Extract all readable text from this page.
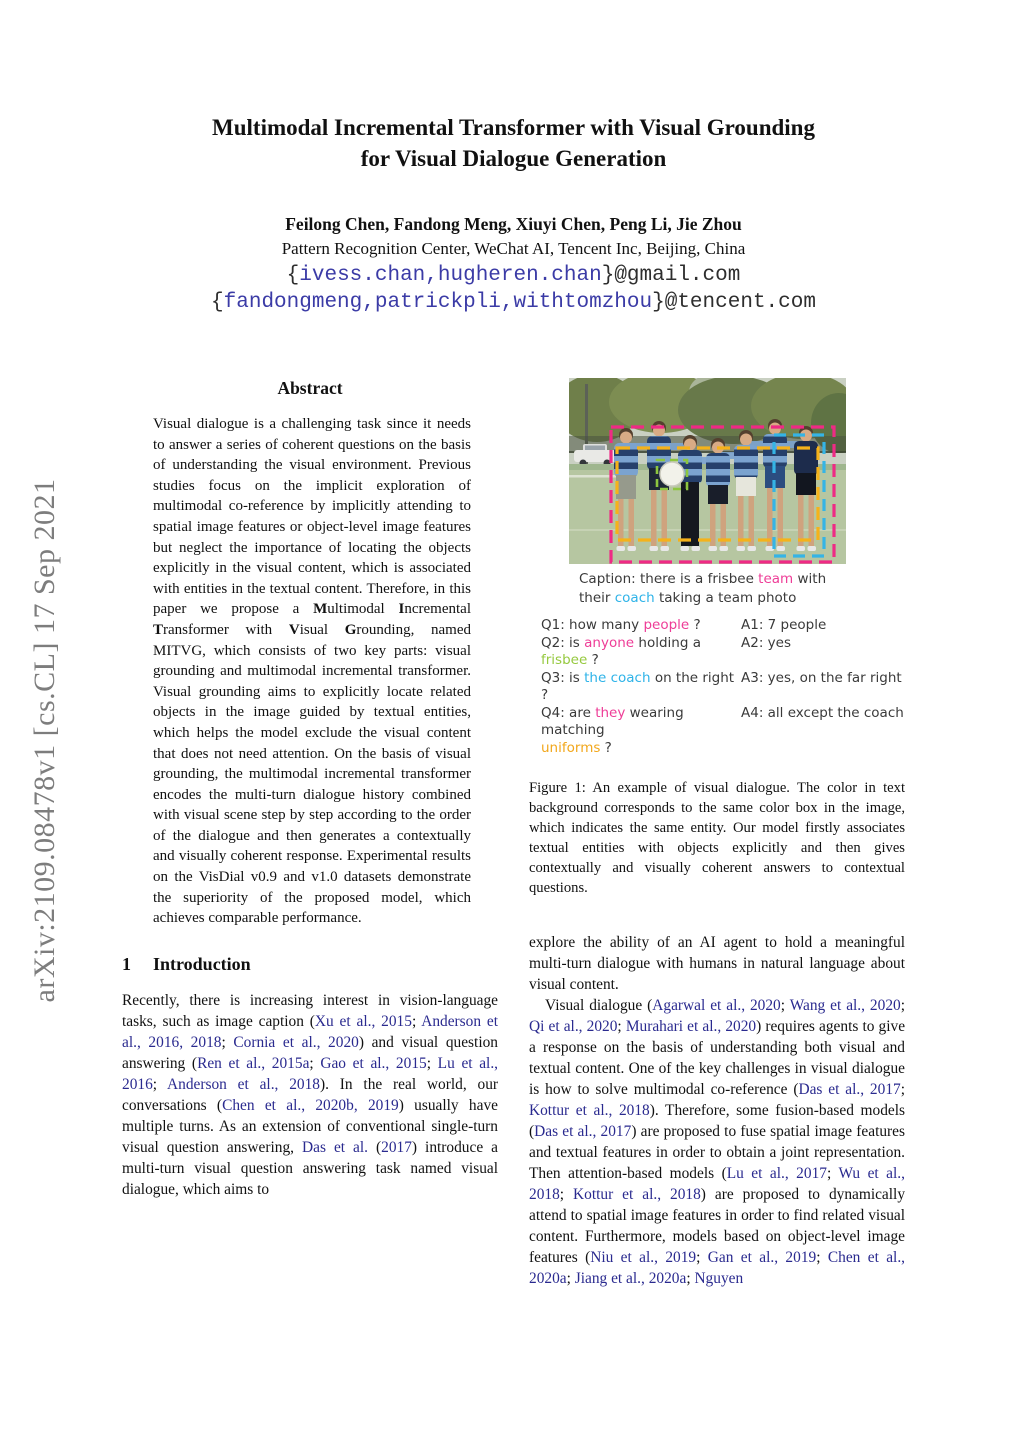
arXiv:2109.08478v1 [cs.CL] 17 Sep 2021
Multimodal Incremental Transformer with Visual Grounding
for Visual Dialogue Generation
Feilong Chen, Fandong Meng, Xiuyi Chen, Peng Li, Jie Zhou
Pattern Recognition Center, WeChat AI, Tencent Inc, Beijing, China
{ivess.chan,hugheren.chan}@gmail.com
{fandongmeng,patrickpli,withtomzhou}@tencent.com
Abstract
Visual dialogue is a challenging task since it needs to answer a series of coherent questions on the basis of understanding the visual environment. Previous studies focus on the implicit exploration of multimodal co-reference by implicitly attending to spatial image features or object-level image features but neglect the importance of locating the objects explicitly in the visual content, which is associated with entities in the textual content. Therefore, in this paper we propose a Multimodal Incremental Transformer with Visual Grounding, named MITVG, which consists of two key parts: visual grounding and multimodal incremental transformer. Visual grounding aims to explicitly locate related objects in the image guided by textual entities, which helps the model exclude the visual content that does not need attention. On the basis of visual grounding, the multimodal incremental transformer encodes the multi-turn dialogue history combined with visual scene step by step according to the order of the dialogue and then generates a contextually and visually coherent response. Experimental results on the VisDial v0.9 and v1.0 datasets demonstrate the superiority of the proposed model, which achieves comparable performance.
1 Introduction
Recently, there is increasing interest in vision-language tasks, such as image caption (Xu et al., 2015; Anderson et al., 2016, 2018; Cornia et al., 2020) and visual question answering (Ren et al., 2015a; Gao et al., 2015; Lu et al., 2016; Anderson et al., 2018). In the real world, our conversations (Chen et al., 2020b, 2019) usually have multiple turns. As an extension of conventional single-turn visual question answering, Das et al. (2017) introduce a multi-turn visual question answering task named visual dialogue, which aims to
Caption: there is a frisbee team with their coach taking a team photo
Q1: how many people ?	A1: 7 people
Q2: is anyone holding a frisbee ?
A2: yes
Q3: is the coach on the right ?
A3: yes, on the far right
Q4: are they wearing matching
A4: all except the coach
uniforms ?
Figure 1: An example of visual dialogue. The color in text background corresponds to the same color box in the image, which indicates the same entity. Our model firstly associates textual entities with objects explicitly and then gives contextually and visually coherent answers to contextual questions.
explore the ability of an AI agent to hold a meaningful multi-turn dialogue with humans in natural language about visual content.
Visual dialogue (Agarwal et al., 2020; Wang et al., 2020; Qi et al., 2020; Murahari et al., 2020) requires agents to give a response on the basis of understanding both visual and textual content. One of the key challenges in visual dialogue is how to solve multimodal co-reference (Das et al., 2017; Kottur et al., 2018). Therefore, some fusion-based models (Das et al., 2017) are proposed to fuse spatial image features and textual features in order to obtain a joint representation. Then attention-based models (Lu et al., 2017; Wu et al., 2018; Kottur et al., 2018) are proposed to dynamically attend to spatial image features in order to find related visual content. Furthermore, models based on object-level image features (Niu et al., 2019; Gan et al., 2019; Chen et al., 2020a; Jiang et al., 2020a; Nguyen
